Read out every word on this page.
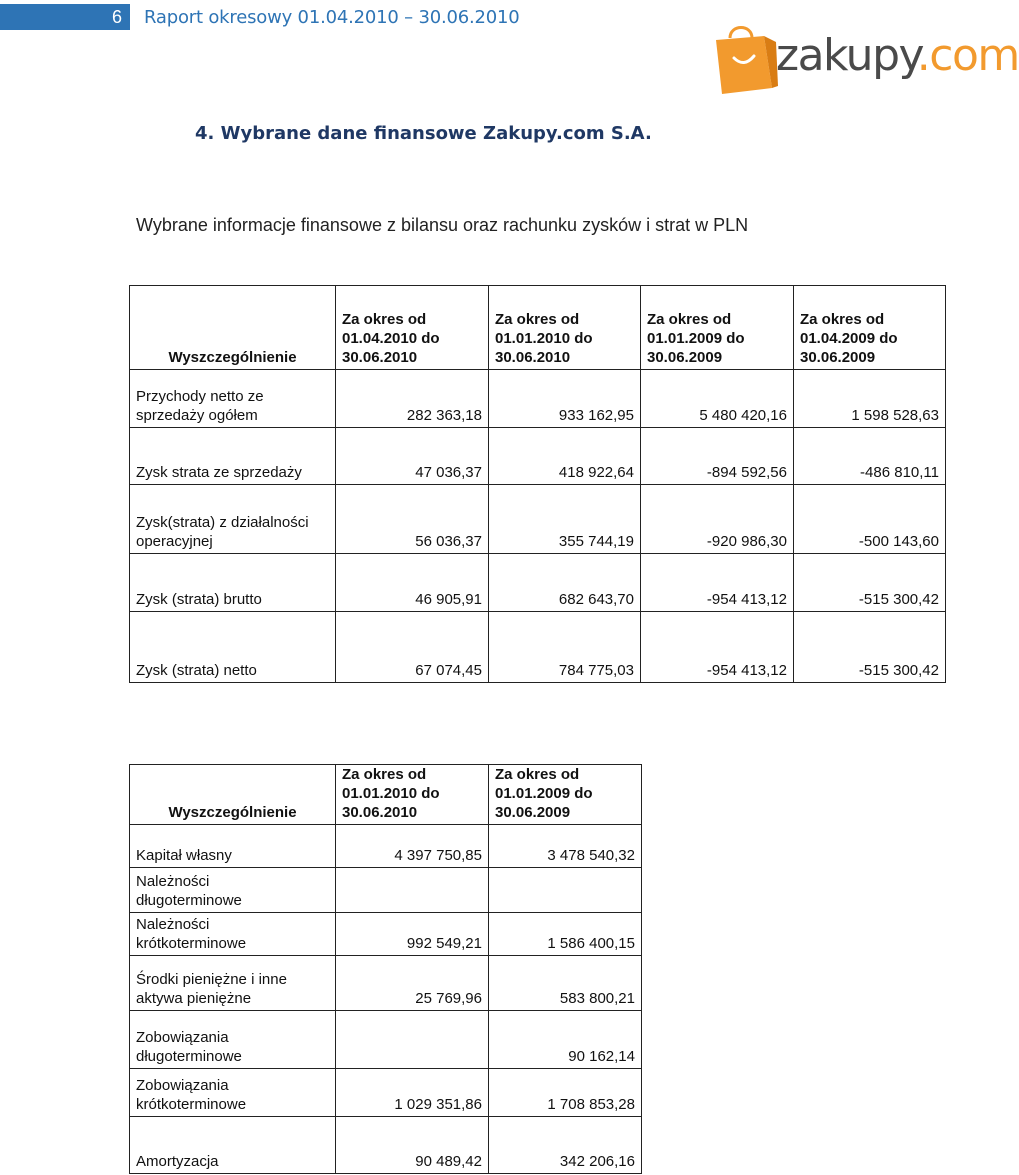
6	Raport okresowy 01.04.2010 – 30.06.2010
zakupy.com
4. Wybrane dane finansowe Zakupy.com S.A.
Wybrane informacje finansowe z bilansu oraz rachunku zysków i strat w PLN
Wyszczególnienie	Za okres od
01.04.2010 do
30.06.2010	Za okres od
01.01.2010 do
30.06.2010	Za okres od
01.01.2009 do
30.06.2009	Za okres od
01.04.2009 do
30.06.2009
Przychody netto ze
sprzedaży ogółem	282 363,18	933 162,95	5 480 420,16	1 598 528,63
Zysk strata ze sprzedaży	47 036,37	418 922,64	-894 592,56	-486 810,11
Zysk(strata) z działalności
operacyjnej	56 036,37	355 744,19	-920 986,30	-500 143,60
Zysk (strata) brutto	46 905,91	682 643,70	-954 413,12	-515 300,42
Zysk (strata) netto	67 074,45	784 775,03	-954 413,12	-515 300,42
Wyszczególnienie	Za okres od
01.01.2010 do
30.06.2010	Za okres od
01.01.2009 do
30.06.2009
Kapitał własny	4 397 750,85	3 478 540,32
Należności
długoterminowe		
Należności
krótkoterminowe	992 549,21	1 586 400,15
Środki pieniężne i inne
aktywa pieniężne	25 769,96	583 800,21
Zobowiązania
długoterminowe		90 162,14
Zobowiązania
krótkoterminowe	1 029 351,86	1 708 853,28
Amortyzacja	90 489,42	342 206,16
